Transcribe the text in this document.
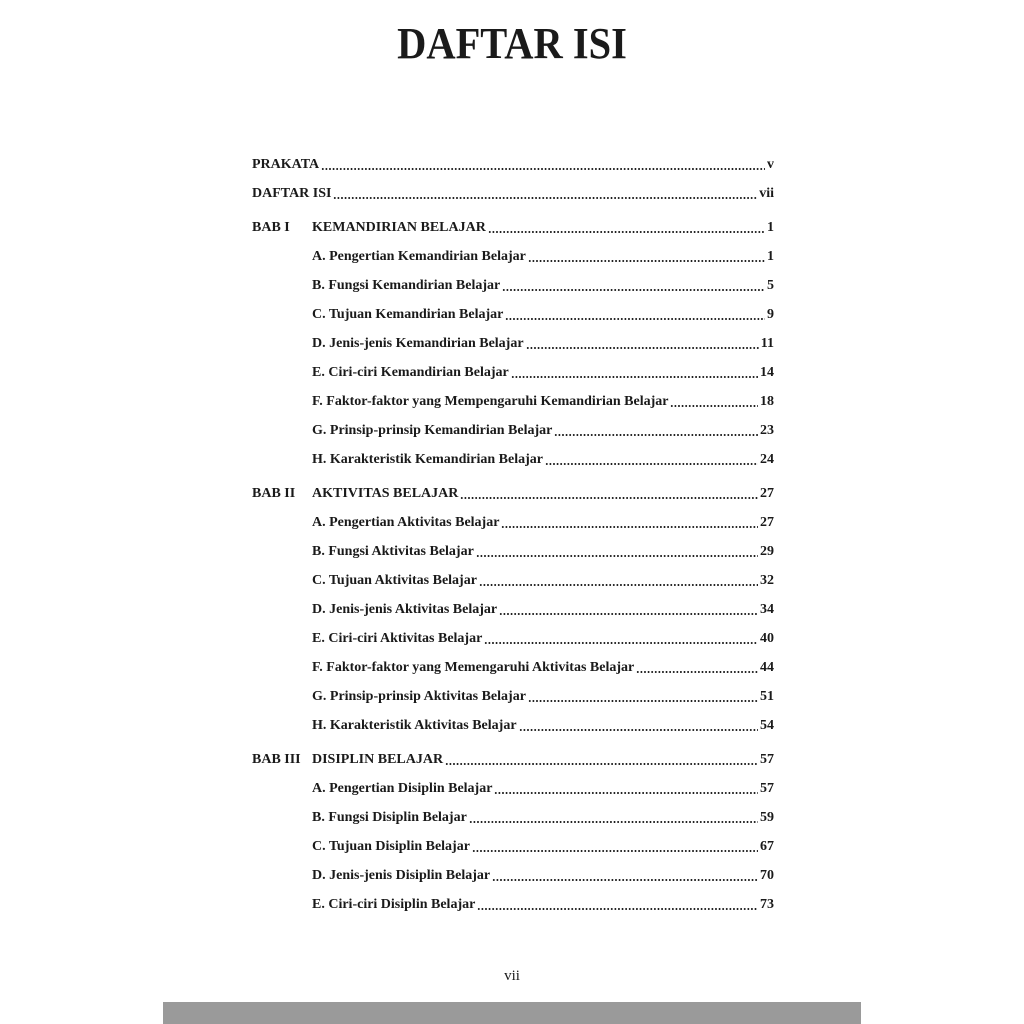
DAFTAR ISI
PRAKATA	v
DAFTAR ISI	vii
BAB I	KEMANDIRIAN BELAJAR	1
A. Pengertian Kemandirian Belajar	1
B. Fungsi Kemandirian Belajar	5
C. Tujuan Kemandirian Belajar	9
D. Jenis-jenis Kemandirian Belajar	11
E. Ciri-ciri Kemandirian Belajar	14
F. Faktor-faktor yang Mempengaruhi Kemandirian Belajar	18
G. Prinsip-prinsip Kemandirian Belajar	23
H. Karakteristik Kemandirian Belajar	24
BAB II	AKTIVITAS BELAJAR	27
A. Pengertian Aktivitas Belajar	27
B. Fungsi Aktivitas Belajar	29
C. Tujuan Aktivitas Belajar	32
D. Jenis-jenis Aktivitas Belajar	34
E. Ciri-ciri Aktivitas Belajar	40
F. Faktor-faktor yang Memengaruhi Aktivitas Belajar	44
G. Prinsip-prinsip Aktivitas Belajar	51
H. Karakteristik Aktivitas Belajar	54
BAB III DISIPLIN BELAJAR	57
A. Pengertian Disiplin Belajar	57
B. Fungsi Disiplin Belajar	59
C. Tujuan Disiplin Belajar	67
D. Jenis-jenis Disiplin Belajar	70
E. Ciri-ciri Disiplin Belajar	73
vii
